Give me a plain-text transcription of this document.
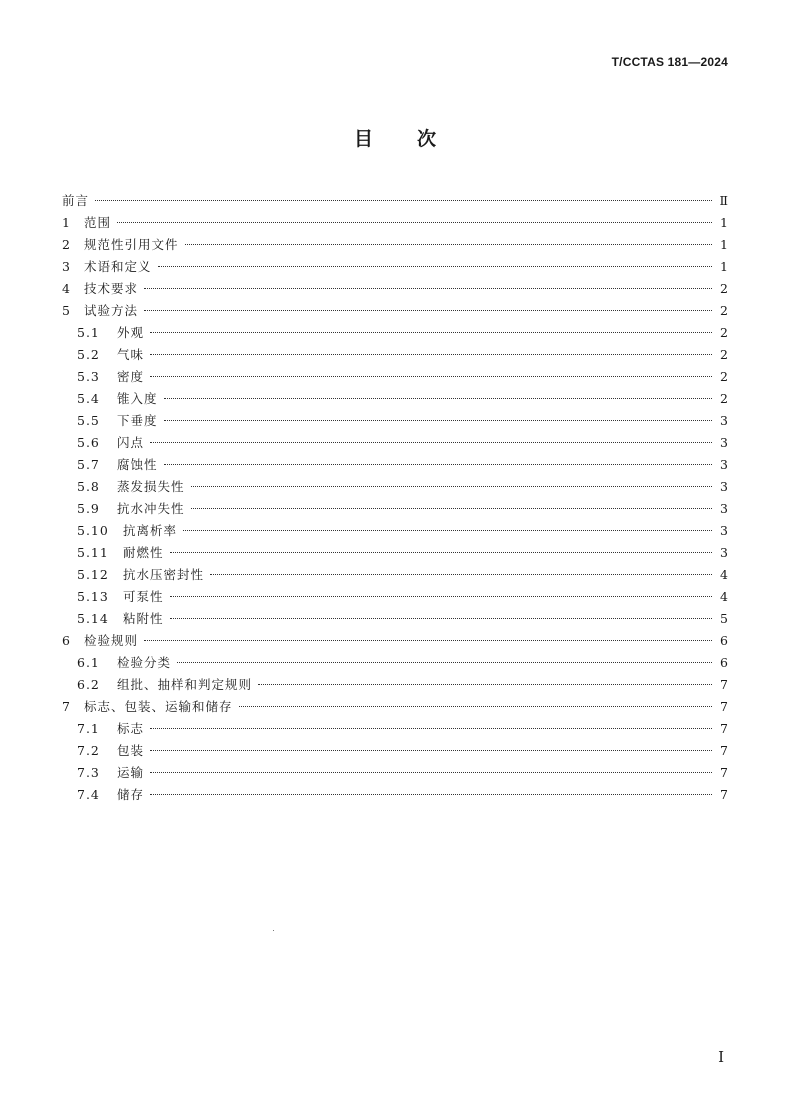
T/CCTAS 181—2024
目 次
前言	Ⅱ
1	范围	1
2	规范性引用文件	1
3	术语和定义	1
4	技术要求	2
5	试验方法	2
5.1	外观	2
5.2	气味	2
5.3	密度	2
5.4	锥入度	2
5.5	下垂度	3
5.6	闪点	3
5.7	腐蚀性	3
5.8	蒸发损失性	3
5.9	抗水冲失性	3
5.10	抗离析率	3
5.11	耐燃性	3
5.12	抗水压密封性	4
5.13	可泵性	4
5.14	粘附性	5
6	检验规则	6
6.1	检验分类	6
6.2	组批、抽样和判定规则	7
7	标志、包装、运输和储存	7
7.1	标志	7
7.2	包装	7
7.3	运输	7
7.4	储存	7
I
